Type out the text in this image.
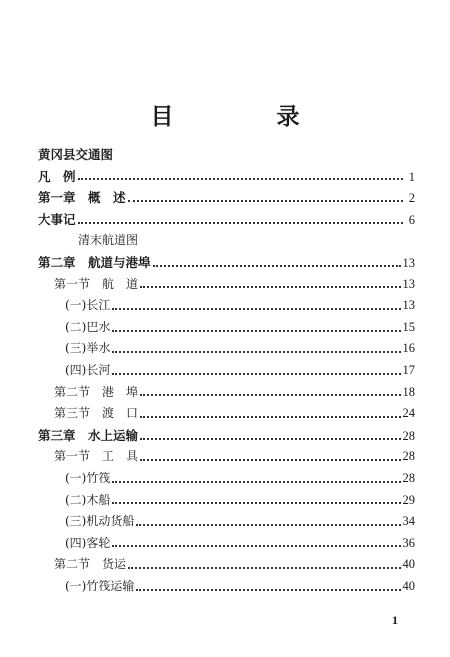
目　录
黄冈县交通图
凡　例	1
第一章　概　述	2
大事记	6
清末航道图
第二章　航道与港埠	13
第一节　航　道	13
(一)长江	13
(二)巴水	15
(三)举水	16
(四)长河	17
第二节　港　埠	18
第三节　渡　口	24
第三章　水上运输	28
第一节　工　具	28
(一)竹筏	28
(二)木船	29
(三)机动货船	34
(四)客轮	36
第二节　货运	40
(一)竹筏运输	40
1
